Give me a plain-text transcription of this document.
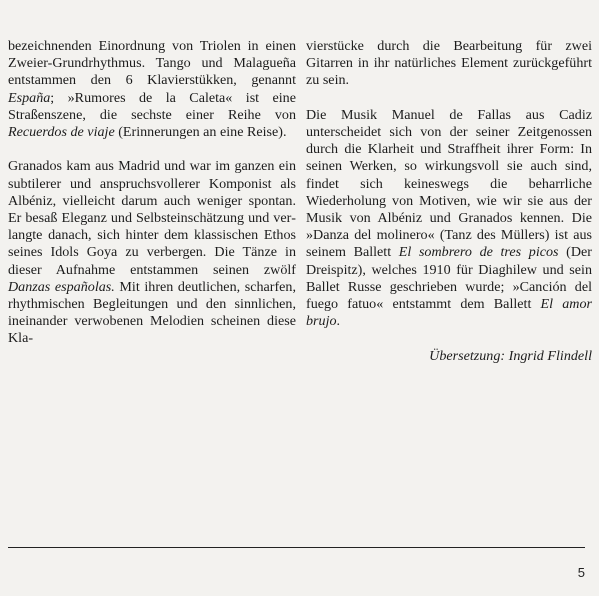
bezeichnenden Einordnung von Triolen in einen Zweier-Grundrhythmus. Tango und Malagueña entstammen den 6 Klavierstükken, genannt España; »Rumores de la Caleta« ist eine Straßenszene, die sechste einer Reihe von Recuerdos de viaje (Erinnerungen an eine Reise).

Granados kam aus Madrid und war im ganzen ein subtilerer und anspruchsvollerer Komponist als Albéniz, vielleicht darum auch weniger spontan. Er besaß Eleganz und Selbsteinschätzung und verlangte danach, sich hinter dem klassischen Ethos seines Idols Goya zu verbergen. Die Tänze in dieser Aufnahme entstammen seinen zwölf Danzas españolas. Mit ihren deutlichen, scharfen, rhythmischen Begleitungen und den sinnlichen, ineinander verwobenen Melodien scheinen diese Kla-

vierstücke durch die Bearbeitung für zwei Gitarren in ihr natürliches Element zurückgeführt zu sein.

Die Musik Manuel de Fallas aus Cadiz unterscheidet sich von der seiner Zeitgenossen durch die Klarheit und Straffheit ihrer Form: In seinen Werken, so wirkungsvoll sie auch sind, findet sich keineswegs die beharrliche Wiederholung von Motiven, wie wir sie aus der Musik von Albéniz und Granados kennen. Die »Danza del molinero« (Tanz des Müllers) ist aus seinem Ballett El sombrero de tres picos (Der Dreispitz), welches 1910 für Diaghilew und sein Ballet Russe geschrieben wurde; »Canción del fuego fatuo« entstammt dem Ballett El amor brujo.

Übersetzung: Ingrid Flindell

5
